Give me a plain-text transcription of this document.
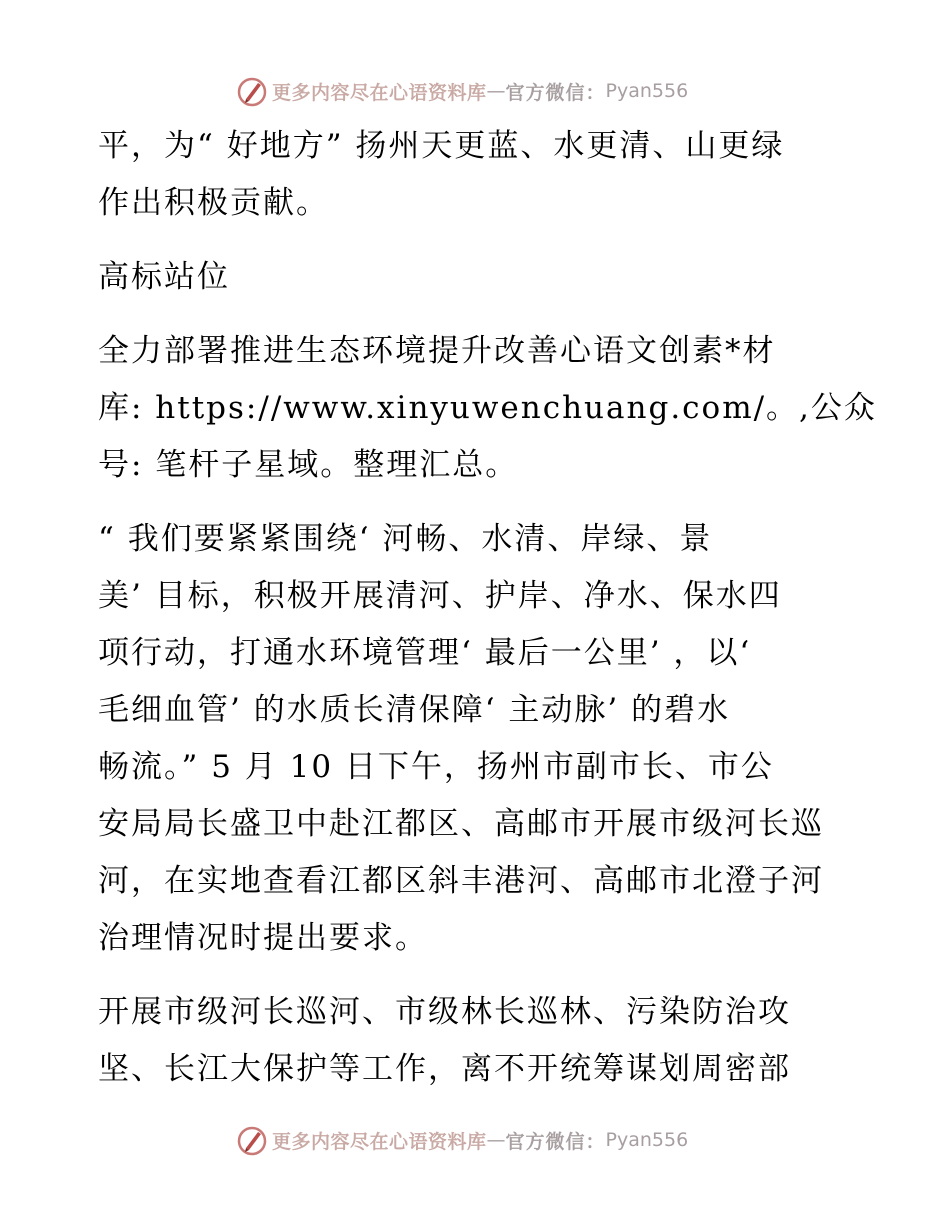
更多内容尽在心语资料库 — 官方微信： Pyan556

平，为“ 好地方” 扬州天更蓝、水更清、山更绿
作出积极贡献。

高标站位

全力部署推进生态环境提升改善心语文创素*材
库: https://www.xinyuwenchuang.com/。,公众
号: 笔杆子星域。整理汇总。

“ 我们要紧紧围绕‘ 河畅、水清、岸绿、景
美’ 目标，积极开展清河、护岸、净水、保水四
项行动，打通水环境管理‘ 最后一公里’ ，以‘
毛细血管’ 的水质长清保障‘ 主动脉’ 的碧水
畅流。” 5 月 10 日下午，扬州市副市长、市公
安局局长盛卫中赴江都区、高邮市开展市级河长巡
河，在实地查看江都区斜丰港河、高邮市北澄子河
治理情况时提出要求。

开展市级河长巡河、市级林长巡林、污染防治攻
坚、长江大保护等工作，离不开统筹谋划周密部

更多内容尽在心语资料库 — 官方微信： Pyan556
